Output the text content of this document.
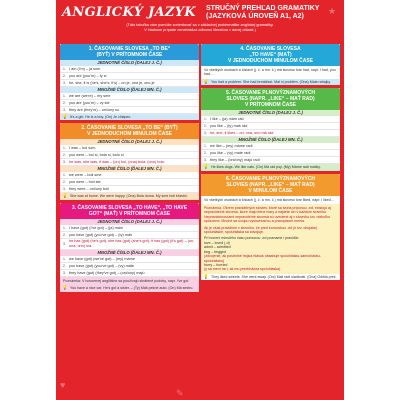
♥
★
✎
ANGLICKÝ JAZYK	STRUČNÝ PREHĽAD GRAMATIKY
(JAZYKOVÁ ÚROVEŇ A1, A2)
(Táto tabuľka vám pomôže zorientovať sa v základnej problematike anglickej gramatiky.
V žiadnom prípade nenahrádza odbornú literatúru v danej oblasti.)
1. ČASOVANIE SLOVESA „TO BE“
(BYŤ) V PRÍTOMNOM ČASE
JEDNOTNÉ ČÍSLO (DALEJ J. Č.)
1. I am (I'm) – ja som
2. you are (you're) – ty si
3. he, she, it is (he's, she's, it's) – on je, ona je, ono je
MNOŽNÉ ČÍSLO (ĎALEJ MN. Č.)
1. we are (we're) – my sme
2. you are (you're) – vy ste
3. they are (they're) – oni/ony sú
💡 It's a girl. He is a boy. (On) Je chlapec.
2. ČASOVANIE SLOVESA „TO BE“ (BYŤ)
V JEDNODUCHOM MINULOM ČASE
JEDNOTNÉ ČÍSLO (DALEJ J. Č.)
1. I was – bol som
2. you were – bol si, bola si, bolo si
3. he was, she was, it was – (on) bol, (ona) bola, (ono) bolo
MNOŽNÉ ČÍSLO (ĎALEJ MN. Č.)
1. we were – boli sme
2. you were – boli ste
3. they were – oni/ony boli
💡 She was at home. We were happy. (Ona) Bola doma. My sme boli šťastní.
3. ČASOVANIE SLOVESA „TO HAVE“, „TO HAVE
GOT“ (MAŤ) V PRÍTOMNOM ČASE
JEDNOTNÉ ČÍSLO (DALEJ J. Č.)
1. I have (got) (I've got) – (ja) mám
2. you have (got) (you've got) – (ty) máš
3.
he has (got) (he's got), she has (got) (she's got), it has (got) (it's got) – (on, ona, ono) má
MNOŽNÉ ČÍSLO (ĎALEJ MN. Č.)
1. we have (got) (we've got) – (my) máme
2. you have (got) (you've got) – (vy) máte
3. they have (got) (they've got) – (oni/ony) majú
Poznámka: V hovorenej angličtine sa používajú skrátené podoby, napr. I've got.
💡 You have a nice car. He's got a sister. – (Ty) Máš pekné auto. (On) Má sestru.
4. ČASOVANIE SLOVESA
„TO HAVE“ (MAŤ)
V JEDNODUCHOM MINULOM ČASE
Vo všetkých osobách a číslach (j. č. a mn. č.) má sloveso tvar had, napr. I had, you had...
💡 You had a problem. She had breakfast. Mal si problém. (Ona) Mala raňajky.
5. ČASOVANIE PLNOVÝZNAMOVÝCH
SLOVIES (NAPR. „LIKE“ – MAŤ RAD)
V PRÍTOMNOM ČASE
JEDNOTNÉ ČÍSLO (DALEJ J. Č.)
1. I like – (ja) mám rád
2. you like – (ty) máš rád
3. he, she, it likes – on, ona, ono má rád
MNOŽNÉ ČÍSLO (ĎALEJ MN. Č.)
1. we like – (my) máme radi
2. you like – (vy) máte radi
3. they like – (oni/ony) majú radi
💡 He likes dogs. We like cats. (On) Má rád psy. (My) Máme radi mačky.
6. ČASOVANIE PLNOVÝZNAMOVÝCH
SLOVIES (NAPR. „LIKE“ – MAŤ RAD)
V MINULOM ČASE
Vo všetkých osobách a číslach (j. č. a mn. č.) má sloveso tvar liked, napr. I liked...
Poznámka. Okrem pravidelných slovies, ktoré sa tvoria príponou -ed, existujú aj nepravidelné slovesá, ktoré majú iténe tvary a nájdete ich v každom slovníku. Nepravidelnosťami nepravidelné slovesá sú uvedené aj v slovníku tzv. niekoľko spôsobmi. Mnohé sa svojou výslovnosťou a pravopisom menia.
Ak je však pravidlom v slovníku, že pred koncovkou -ed je tzv. obojakej spoluhláske, spoluhláska sa zdvojuje.
Pri tvorení minulého času pomocou -ed pozname i pravidlá:
love – loved (-d)
admit – admitted
beg – begged
(zdvojenie, ak posledné trojica hlások obsahuje spoluhlásku-samohlásku-spoluhlásku)
hurry – hurried
(y sa mení na i, ak mu predchádza spoluhláska)
💡 They liked sweets. She went away. (Oni) Mali radi sladkosti. (Ona) Odišla preč.
